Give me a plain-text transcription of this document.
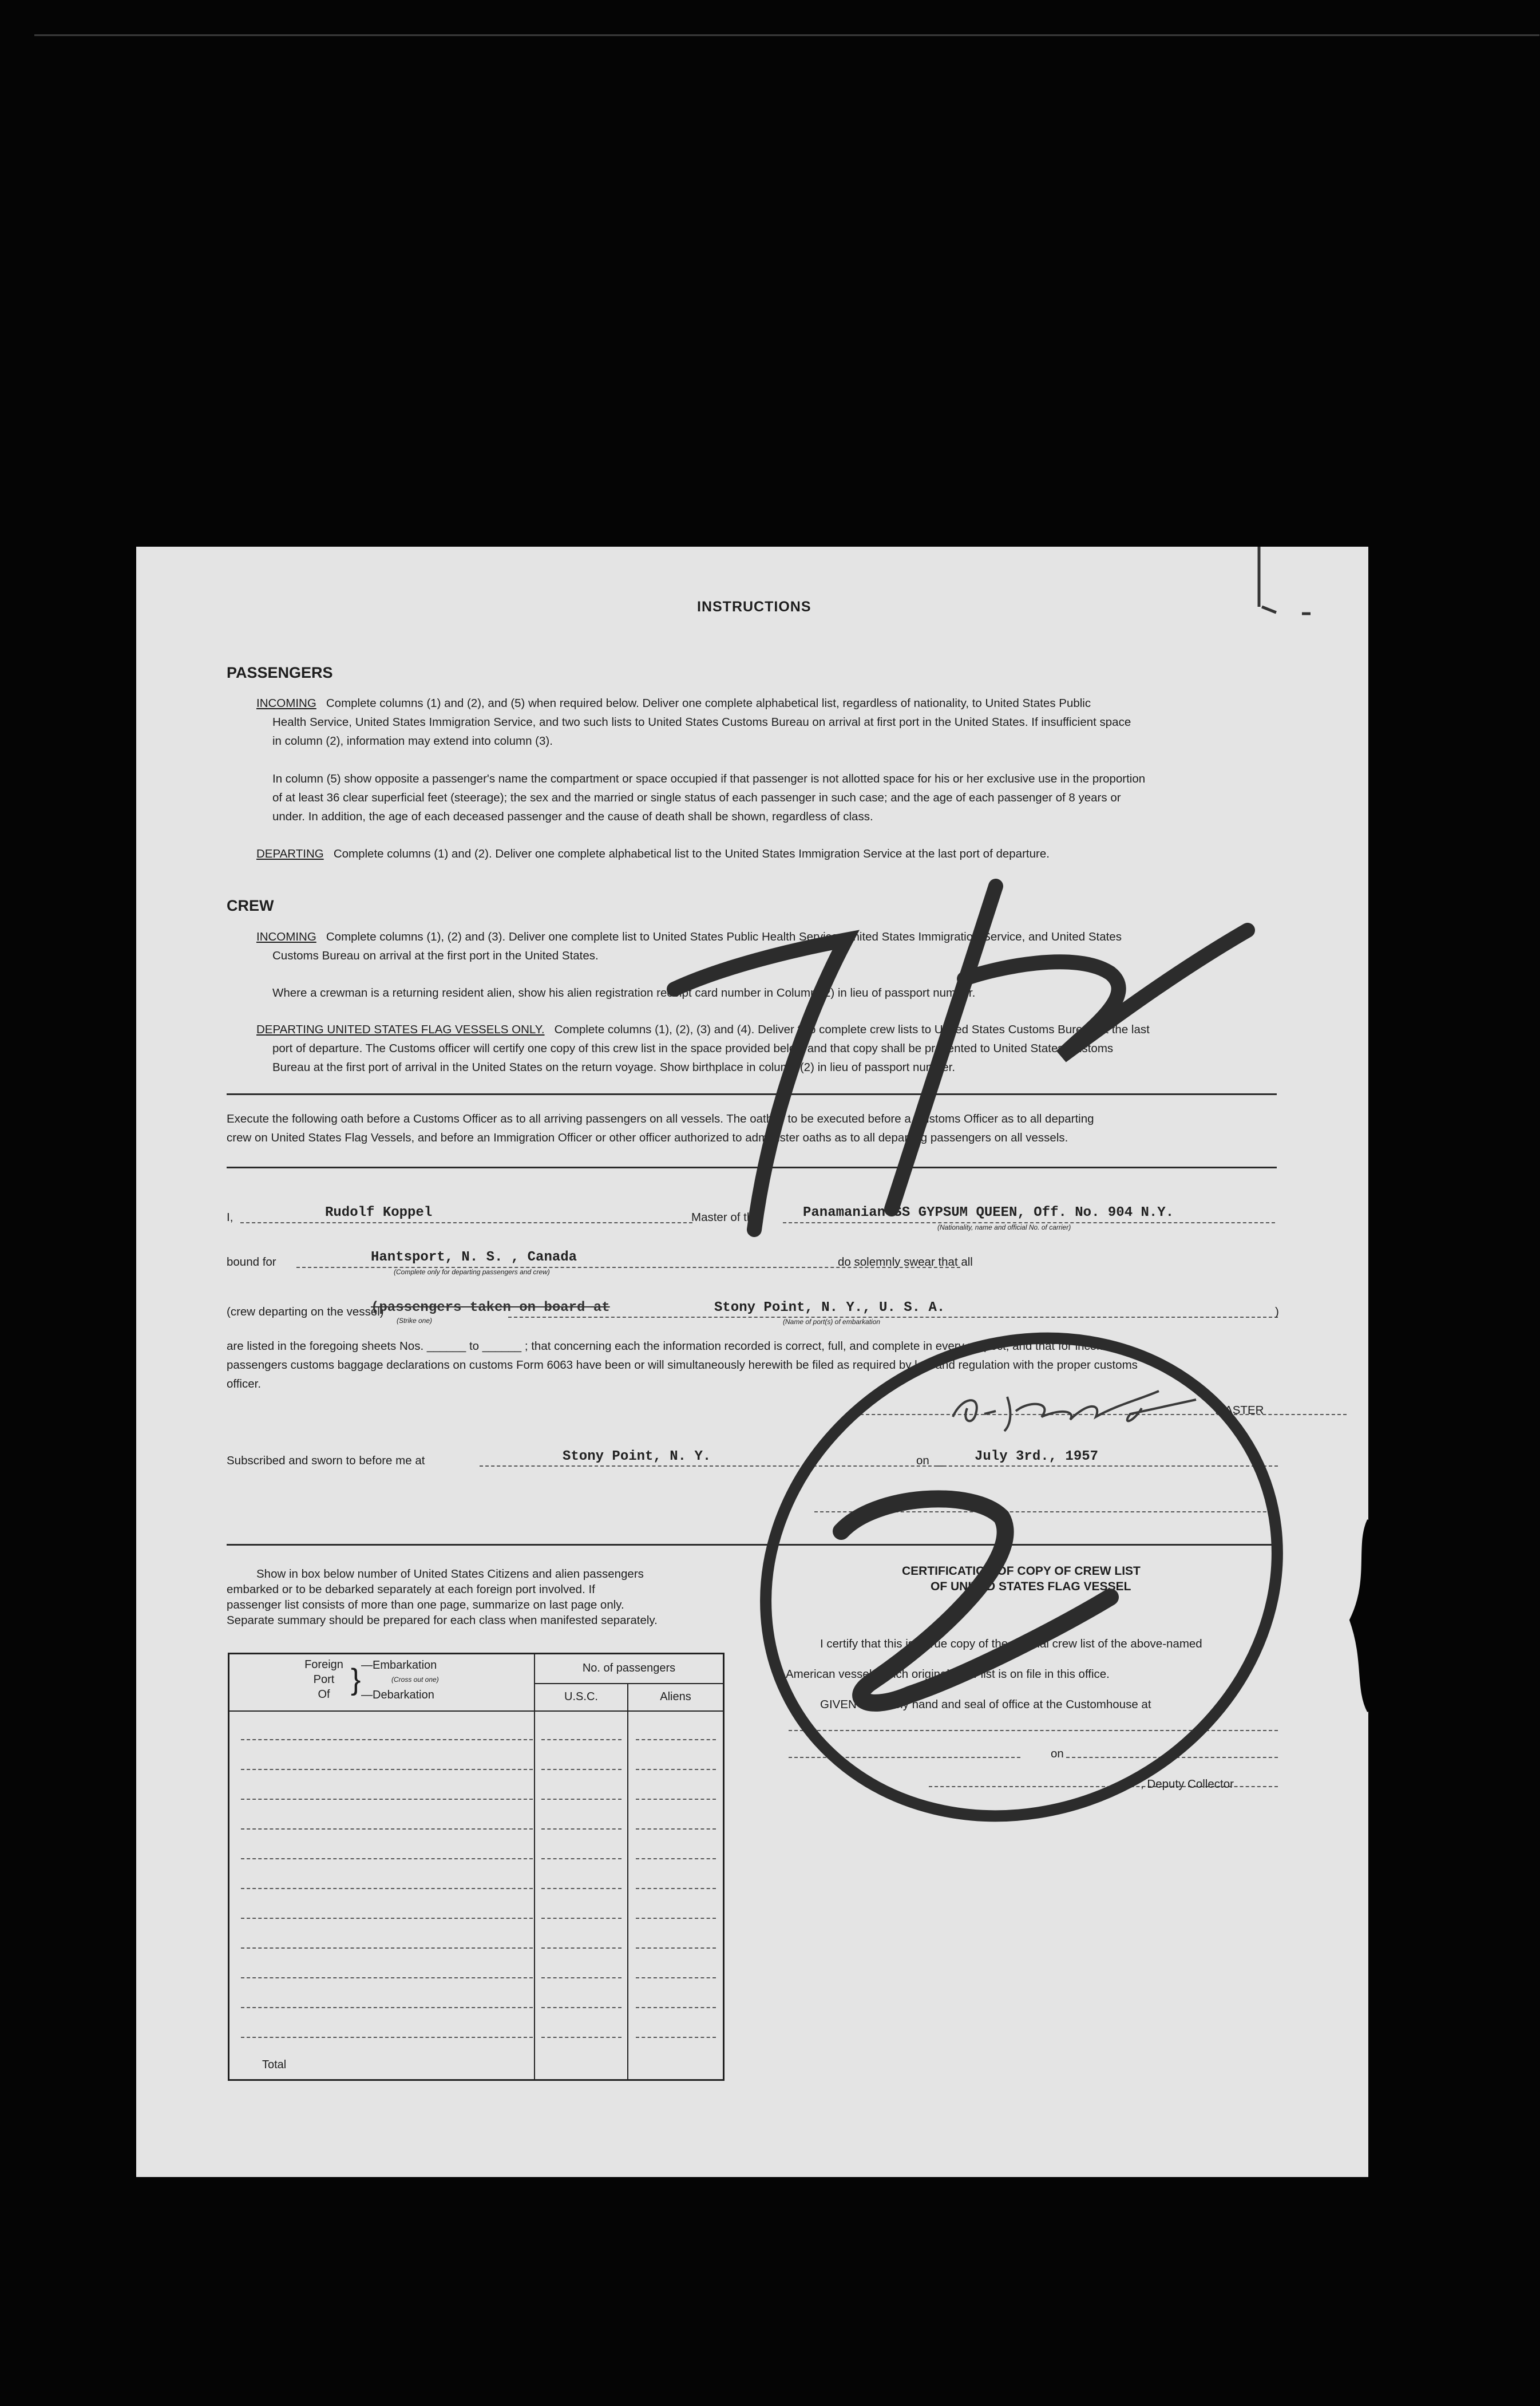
INSTRUCTIONS
PASSENGERS
INCOMING Complete columns (1) and (2), and (5) when required below. Deliver one complete alphabetical list, regardless of nationality, to United States Public
Health Service, United States Immigration Service, and two such lists to United States Customs Bureau on arrival at first port in the United States. If insufficient space
in column (2), information may extend into column (3).
In column (5) show opposite a passenger's name the compartment or space occupied if that passenger is not allotted space for his or her exclusive use in the proportion
of at least 36 clear superficial feet (steerage); the sex and the married or single status of each passenger in such case; and the age of each passenger of 8 years or
under. In addition, the age of each deceased passenger and the cause of death shall be shown, regardless of class.
DEPARTING Complete columns (1) and (2). Deliver one complete alphabetical list to the United States Immigration Service at the last port of departure.
CREW
INCOMING Complete columns (1), (2) and (3). Deliver one complete list to United States Public Health Service, United States Immigration Service, and United States
Customs Bureau on arrival at the first port in the United States.
Where a crewman is a returning resident alien, show his alien registration receipt card number in Column (2) in lieu of passport number.
DEPARTING UNITED STATES FLAG VESSELS ONLY. Complete columns (1), (2), (3) and (4). Deliver two complete crew lists to United States Customs Bureau at the last
port of departure. The Customs officer will certify one copy of this crew list in the space provided below and that copy shall be presented to United States Customs
Bureau at the first port of arrival in the United States on the return voyage. Show birthplace in column (2) in lieu of passport number.
Execute the following oath before a Customs Officer as to all arriving passengers on all vessels. The oath is to be executed before a Customs Officer as to all departing
crew on United States Flag Vessels, and before an Immigration Officer or other officer authorized to administer oaths as to all departing passengers on all vessels.
I,	Rudolf Koppel	Master of the	Panamanian SS GYPSUM QUEEN, Off. No. 904 N.Y.
(Nationality, name and official No. of carrier)
bound for	Hantsport, N. S. , Canada
(Complete only for departing passengers and crew)
do solemnly swear that all
(crew departing on the vessel)
(passengers taken on board at
(Strike one)
Stony Point, N. Y., U. S. A.
(Name of port(s) of embarkation
)
are listed in the foregoing sheets Nos. ______ to ______ ; that concerning each the information recorded is correct, full, and complete in every respect; and that for incoming
passengers customs baggage declarations on customs Form 6063 have been or will simultaneously herewith be filed as required by law and regulation with the proper customs
officer.
MASTER
Subscribed and sworn to before me at	Stony Point, N. Y.	on	July 3rd., 1957
Show in box below number of United States Citizens and alien passengers
embarked or to be debarked separately at each foreign port involved. If
passenger list consists of more than one page, summarize on last page only.
Separate summary should be prepared for each class when manifested separately.
Foreign
Port
Of
—Embarkation
(Cross out one)
—Debarkation
}	No. of passengers
U.S.C.	Aliens
Total
CERTIFICATION OF COPY OF CREW LIST
OF UNITED STATES FLAG VESSEL
I certify that this is a true copy of the original crew list of the above-named
American vessel, which original crew list is on file in this office.
GIVEN under my hand and seal of office at the Customhouse at
on
, Deputy Collector
